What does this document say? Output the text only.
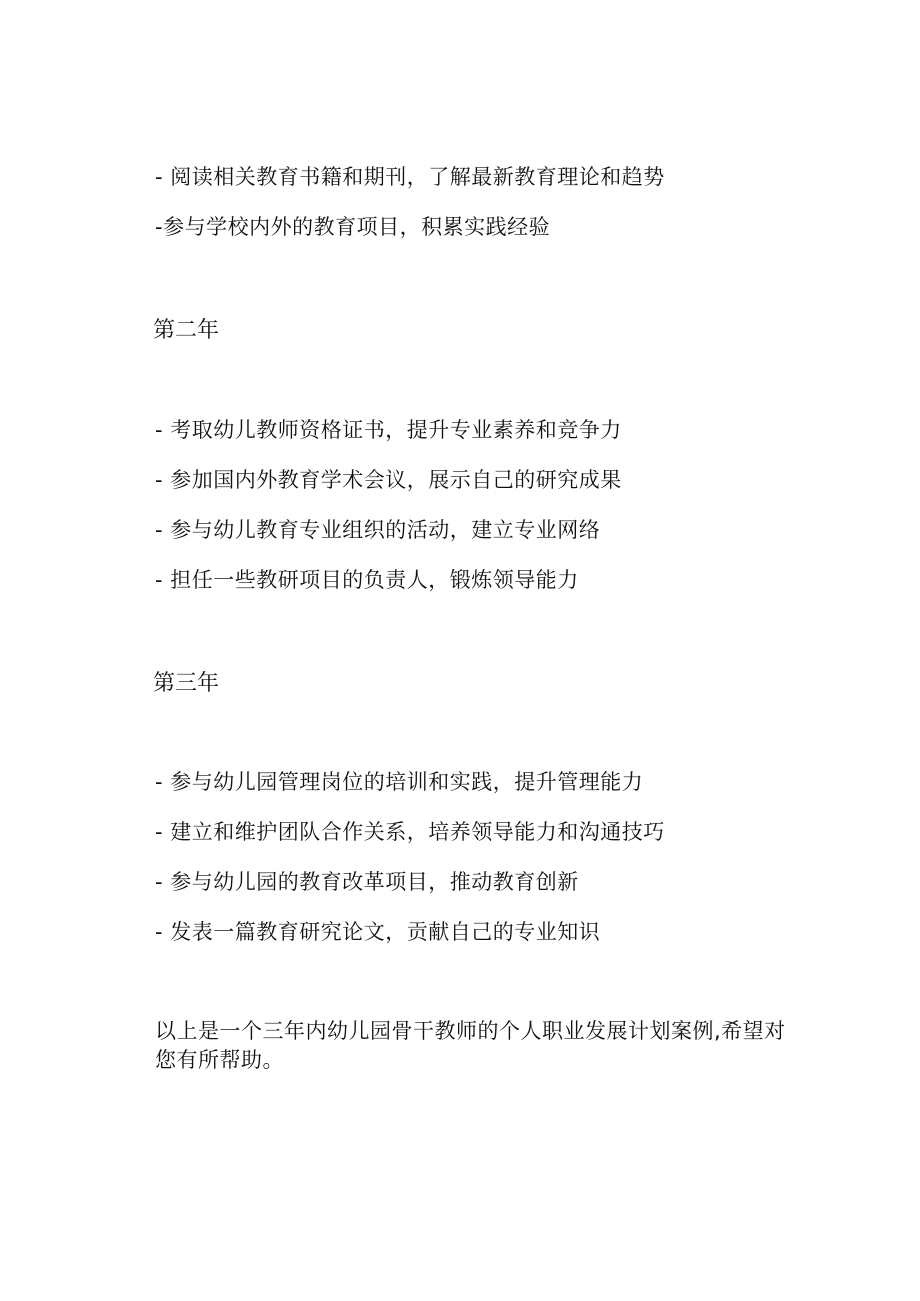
- 阅读相关教育书籍和期刊，了解最新教育理论和趋势
-参与学校内外的教育项目，积累实践经验
第二年
- 考取幼儿教师资格证书，提升专业素养和竞争力
- 参加国内外教育学术会议，展示自己的研究成果
- 参与幼儿教育专业组织的活动，建立专业网络
- 担任一些教研项目的负责人，锻炼领导能力
第三年
- 参与幼儿园管理岗位的培训和实践，提升管理能力
- 建立和维护团队合作关系，培养领导能力和沟通技巧
- 参与幼儿园的教育改革项目，推动教育创新
- 发表一篇教育研究论文，贡献自己的专业知识
以上是一个三年内幼儿园骨干教师的个人职业发展计划案例,希望对
您有所帮助。
